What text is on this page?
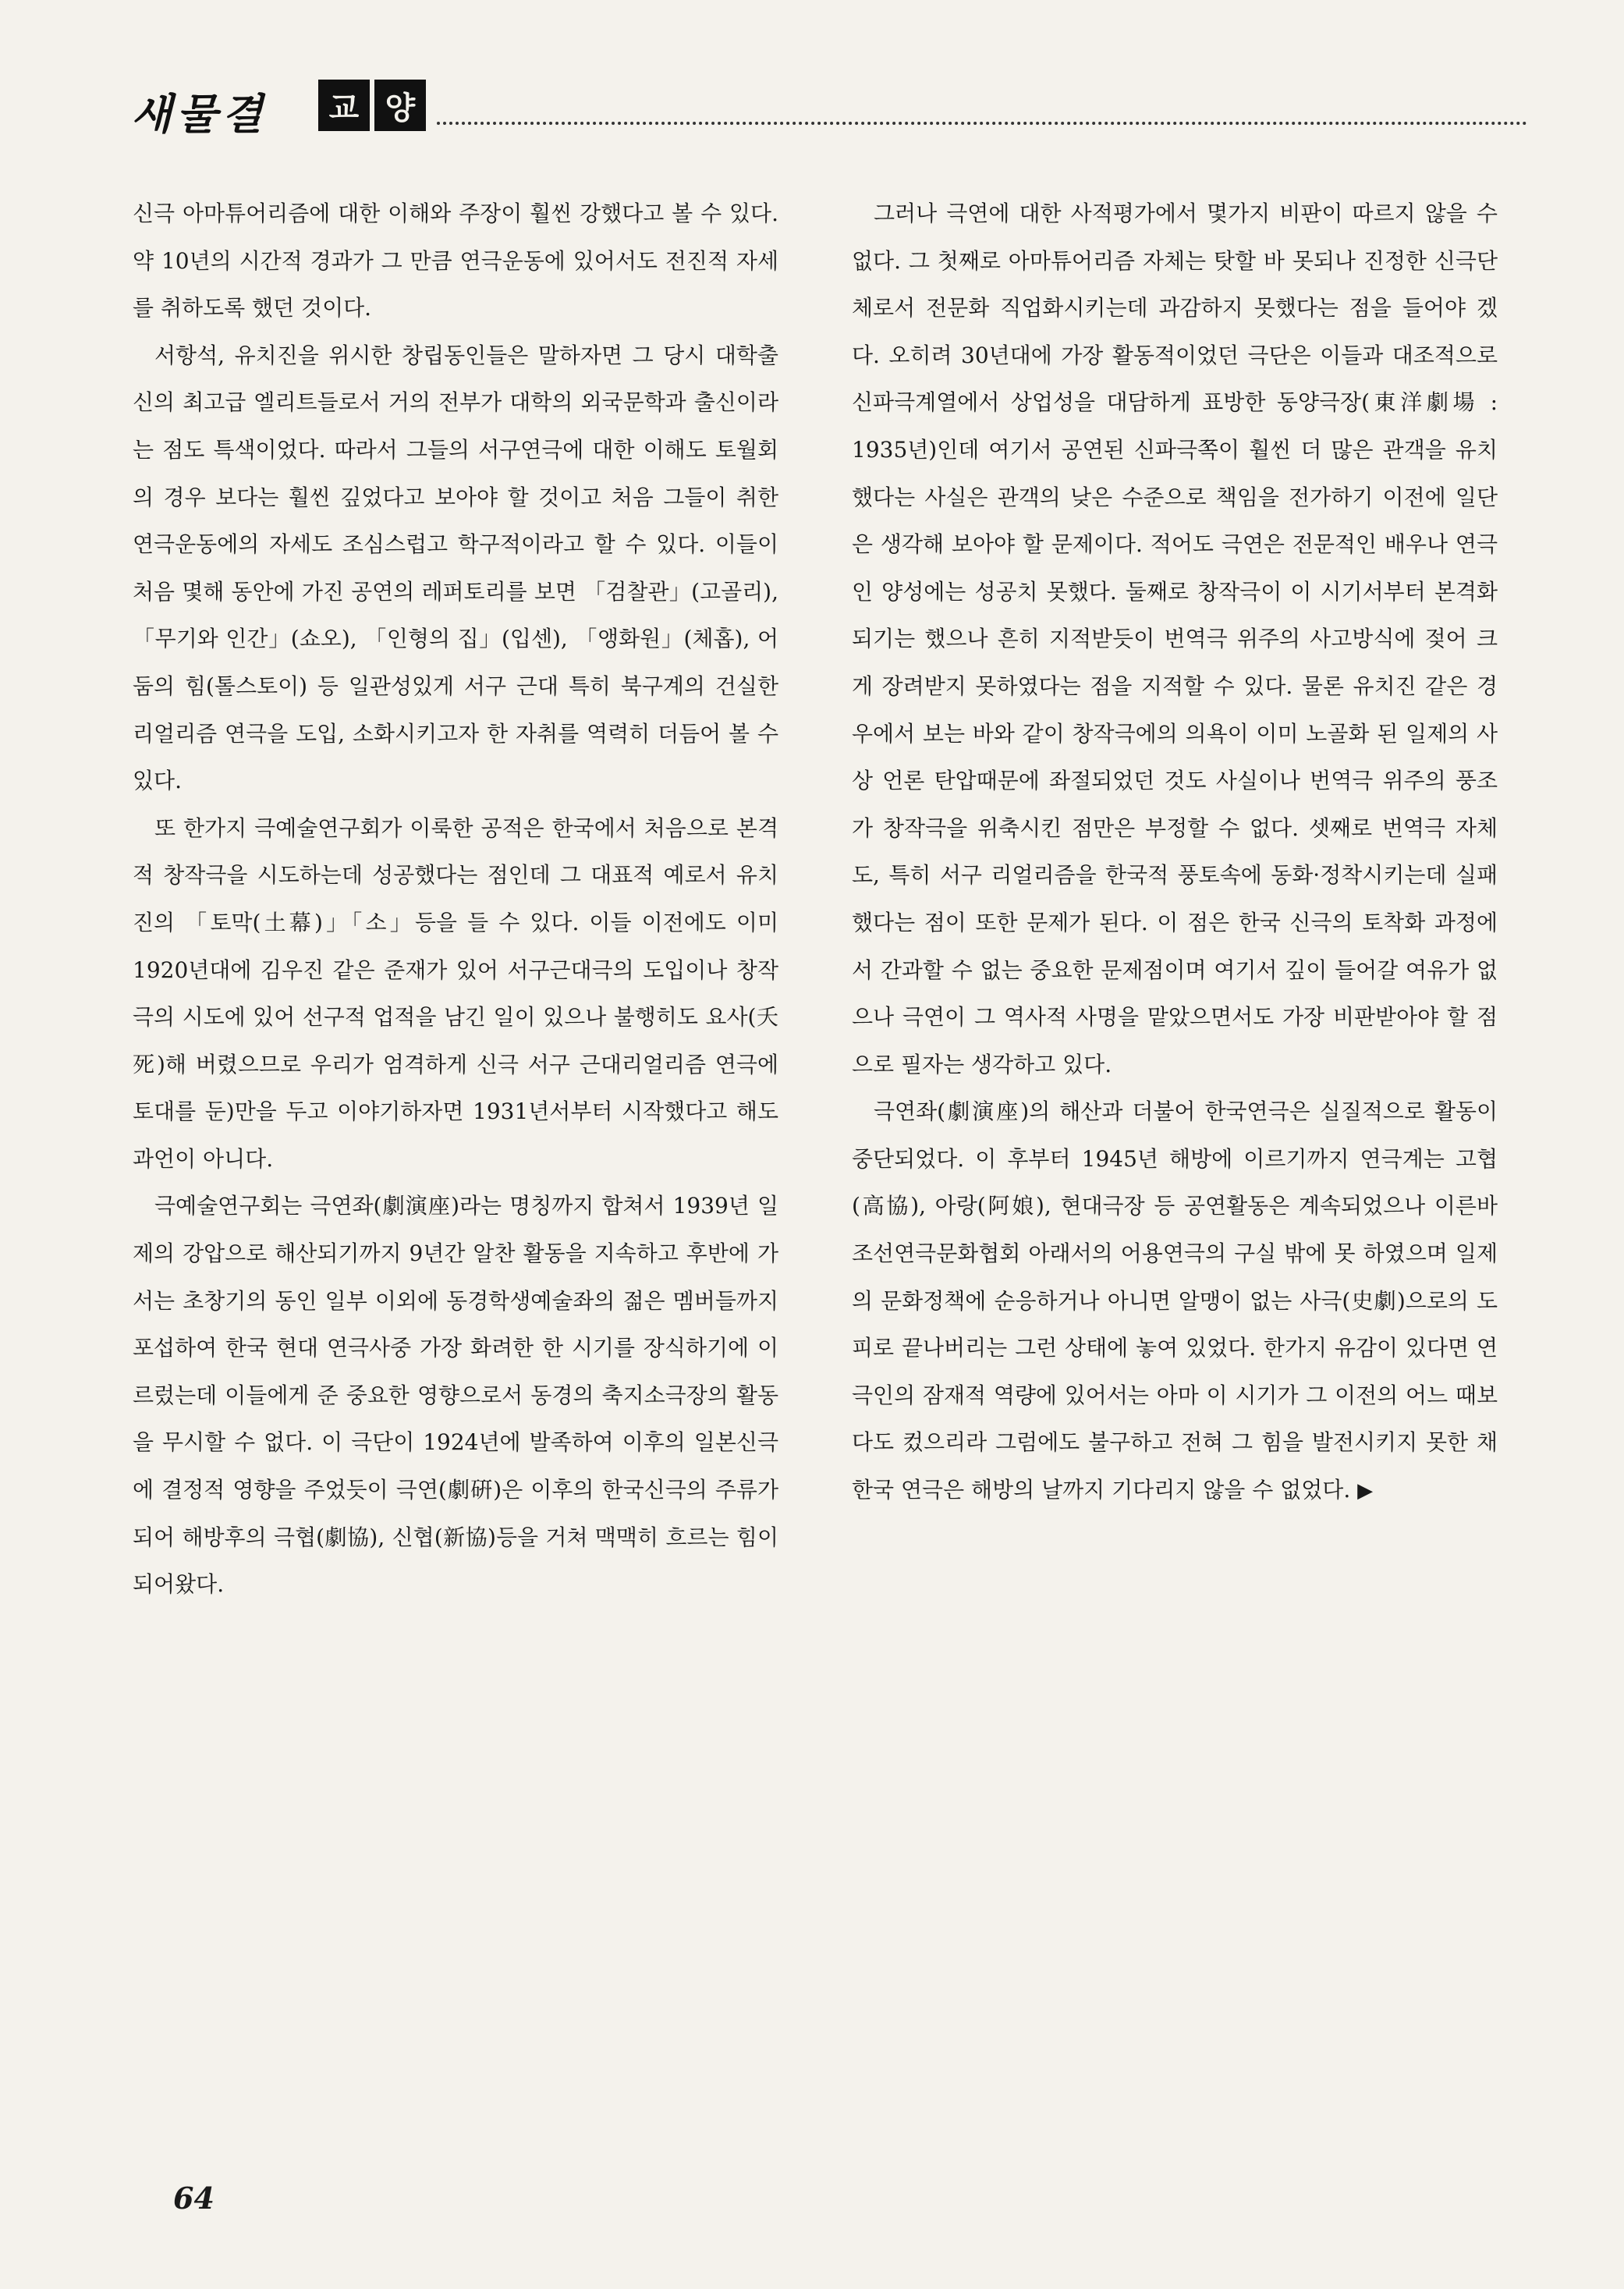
새물결	교 양

신극 아마튜어리즘에 대한 이해와 주장이 훨씬 강했다고 볼 수 있다. 약 10년의 시간적 경과가 그 만큼 연극운동에 있어서도 전진적 자세를 취하도록 했던 것이다.

서항석, 유치진을 위시한 창립동인들은 말하자면 그 당시 대학출신의 최고급 엘리트들로서 거의 전부가 대학의 외국문학과 출신이라는 점도 특색이었다. 따라서 그들의 서구연극에 대한 이해도 토월회의 경우 보다는 훨씬 깊었다고 보아야 할 것이고 처음 그들이 취한 연극운동에의 자세도 조심스럽고 학구적이라고 할 수 있다. 이들이 처음 몇해 동안에 가진 공연의 레퍼토리를 보면 「검찰관」(고골리), 「무기와 인간」(쇼오), 「인형의 집」(입센), 「앵화원」(체홉), 어둠의 힘(톨스토이) 등 일관성있게 서구 근대 특히 북구계의 건실한 리얼리즘 연극을 도입, 소화시키고자 한 자취를 역력히 더듬어 볼 수 있다.

또 한가지 극예술연구회가 이룩한 공적은 한국에서 처음으로 본격적 창작극을 시도하는데 성공했다는 점인데 그 대표적 예로서 유치진의 「토막(土幕)」「소」등을 들 수 있다. 이들 이전에도 이미 1920년대에 김우진 같은 준재가 있어 서구근대극의 도입이나 창작극의 시도에 있어 선구적 업적을 남긴 일이 있으나 불행히도 요사(夭死)해 버렸으므로 우리가 엄격하게 신극 서구 근대리얼리즘 연극에 토대를 둔)만을 두고 이야기하자면 1931년서부터 시작했다고 해도 과언이 아니다.

극예술연구회는 극연좌(劇演座)라는 명칭까지 합쳐서 1939년 일제의 강압으로 해산되기까지 9년간 알찬 활동을 지속하고 후반에 가서는 초창기의 동인 일부 이외에 동경학생예술좌의 젊은 멤버들까지 포섭하여 한국 현대 연극사중 가장 화려한 한 시기를 장식하기에 이르렀는데 이들에게 준 중요한 영향으로서 동경의 축지소극장의 활동을 무시할 수 없다. 이 극단이 1924년에 발족하여 이후의 일본신극에 결정적 영향을 주었듯이 극연(劇硏)은 이후의 한국신극의 주류가 되어 해방후의 극협(劇協), 신협(新協)등을 거쳐 맥맥히 흐르는 힘이 되어왔다.

그러나 극연에 대한 사적평가에서 몇가지 비판이 따르지 않을 수 없다. 그 첫째로 아마튜어리즘 자체는 탓할 바 못되나 진정한 신극단체로서 전문화 직업화시키는데 과감하지 못했다는 점을 들어야 겠다. 오히려 30년대에 가장 활동적이었던 극단은 이들과 대조적으로 신파극계열에서 상업성을 대담하게 표방한 동양극장(東洋劇場 : 1935년)인데 여기서 공연된 신파극쪽이 훨씬 더 많은 관객을 유치했다는 사실은 관객의 낮은 수준으로 책임을 전가하기 이전에 일단은 생각해 보아야 할 문제이다. 적어도 극연은 전문적인 배우나 연극인 양성에는 성공치 못했다. 둘째로 창작극이 이 시기서부터 본격화되기는 했으나 흔히 지적받듯이 번역극 위주의 사고방식에 젖어 크게 장려받지 못하였다는 점을 지적할 수 있다. 물론 유치진 같은 경우에서 보는 바와 같이 창작극에의 의욕이 이미 노골화 된 일제의 사상 언론 탄압때문에 좌절되었던 것도 사실이나 번역극 위주의 풍조가 창작극을 위축시킨 점만은 부정할 수 없다. 셋째로 번역극 자체도, 특히 서구 리얼리즘을 한국적 풍토속에 동화·정착시키는데 실패했다는 점이 또한 문제가 된다. 이 점은 한국 신극의 토착화 과정에서 간과할 수 없는 중요한 문제점이며 여기서 깊이 들어갈 여유가 없으나 극연이 그 역사적 사명을 맡았으면서도 가장 비판받아야 할 점으로 필자는 생각하고 있다.

극연좌(劇演座)의 해산과 더불어 한국연극은 실질적으로 활동이 중단되었다. 이 후부터 1945년 해방에 이르기까지 연극계는 고협(高協), 아랑(阿娘), 현대극장 등 공연활동은 계속되었으나 이른바 조선연극문화협회 아래서의 어용연극의 구실 밖에 못 하였으며 일제의 문화정책에 순응하거나 아니면 알맹이 없는 사극(史劇)으로의 도피로 끝나버리는 그런 상태에 놓여 있었다. 한가지 유감이 있다면 연극인의 잠재적 역량에 있어서는 아마 이 시기가 그 이전의 어느 때보다도 컸으리라 그럼에도 불구하고 전혀 그 힘을 발전시키지 못한 채 한국 연극은 해방의 날까지 기다리지 않을 수 없었다. ▶

64
